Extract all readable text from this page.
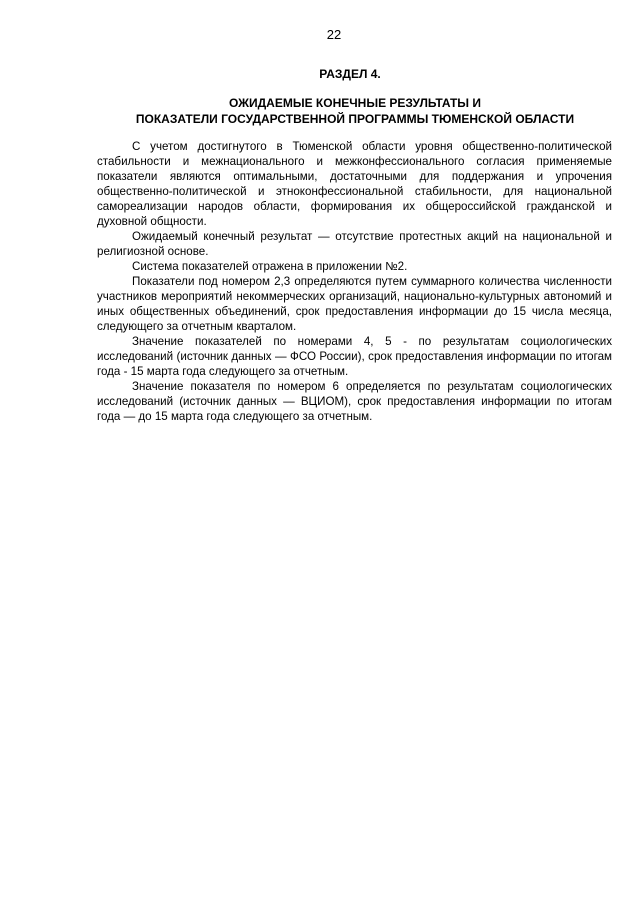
22
РАЗДЕЛ 4.
ОЖИДАЕМЫЕ КОНЕЧНЫЕ РЕЗУЛЬТАТЫ И
ПОКАЗАТЕЛИ ГОСУДАРСТВЕННОЙ ПРОГРАММЫ ТЮМЕНСКОЙ ОБЛАСТИ

С учетом достигнутого в Тюменской области уровня общественно-политической стабильности и межнационального и межконфессионального согласия применяемые показатели являются оптимальными, достаточными для поддержания и упрочения общественно-политической и этноконфессиональной стабильности, для национальной самореализации народов области, формирования их общероссийской гражданской и духовной общности.

Ожидаемый конечный результат — отсутствие протестных акций на национальной и религиозной основе.

Система показателей отражена в приложении №2.

Показатели под номером 2,3 определяются путем суммарного количества численности участников мероприятий некоммерческих организаций, национально-культурных автономий и иных общественных объединений, срок предоставления информации до 15 числа месяца, следующего за отчетным кварталом.

Значение показателей по номерами 4, 5 - по результатам социологических исследований (источник данных — ФСО России), срок предоставления информации по итогам года - 15 марта года следующего за отчетным.

Значение показателя по номером 6 определяется по результатам социологических исследований (источник данных — ВЦИОМ), срок предоставления информации по итогам года — до 15 марта года следующего за отчетным.
